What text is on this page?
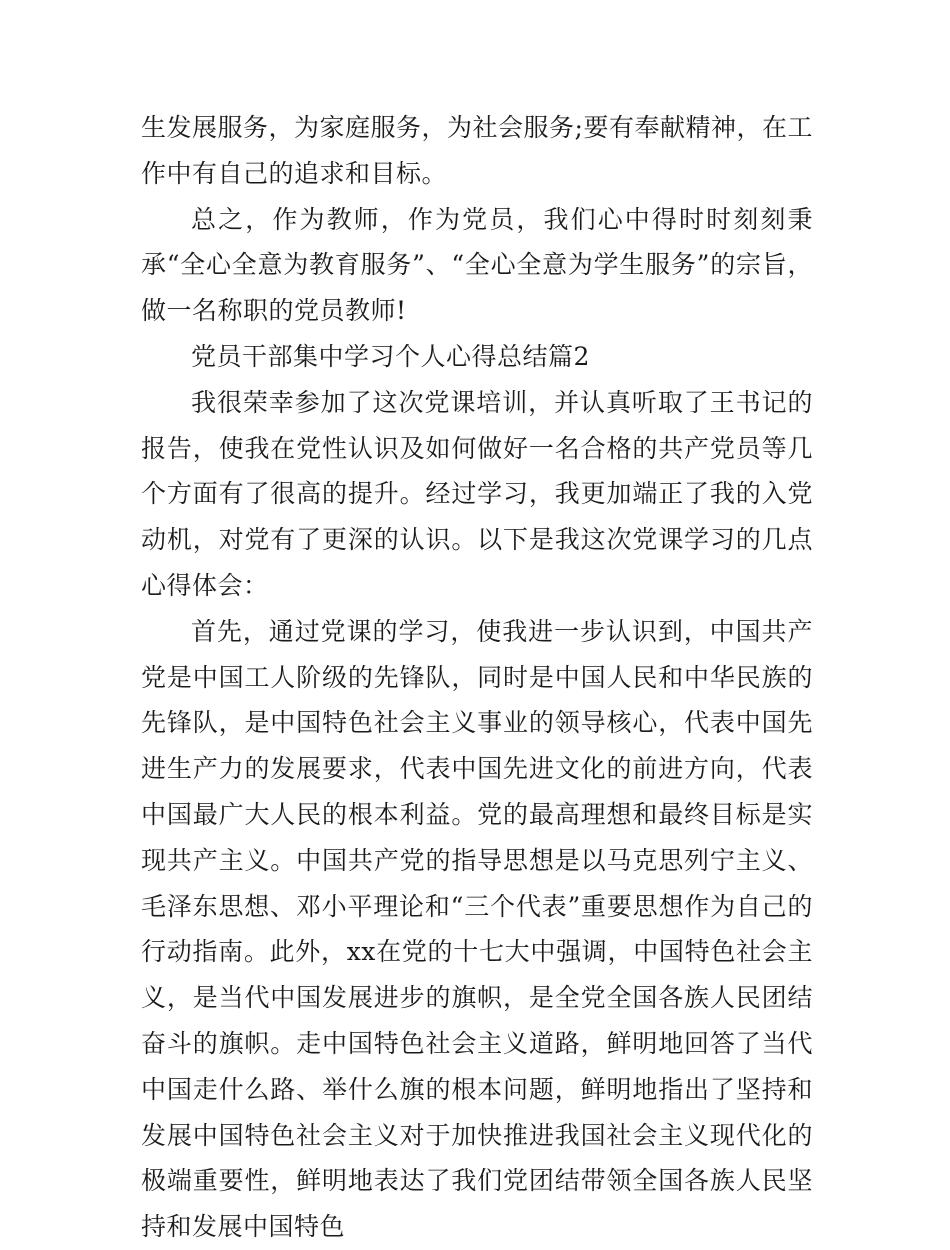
生发展服务，为家庭服务，为社会服务;要有奉献精神，在工作中有自己的追求和目标。

总之，作为教师，作为党员，我们心中得时时刻刻秉承“全心全意为教育服务”、“全心全意为学生服务”的宗旨，做一名称职的党员教师!

党员干部集中学习个人心得总结篇2

我很荣幸参加了这次党课培训，并认真听取了王书记的报告，使我在党性认识及如何做好一名合格的共产党员等几个方面有了很高的提升。经过学习，我更加端正了我的入党动机，对党有了更深的认识。以下是我这次党课学习的几点心得体会：

首先，通过党课的学习，使我进一步认识到，中国共产党是中国工人阶级的先锋队，同时是中国人民和中华民族的先锋队，是中国特色社会主义事业的领导核心，代表中国先进生产力的发展要求，代表中国先进文化的前进方向，代表中国最广大人民的根本利益。党的最高理想和最终目标是实现共产主义。中国共产党的指导思想是以马克思列宁主义、毛泽东思想、邓小平理论和“三个代表”重要思想作为自己的行动指南。此外，xx在党的十七大中强调，中国特色社会主义，是当代中国发展进步的旗帜，是全党全国各族人民团结奋斗的旗帜。走中国特色社会主义道路，鲜明地回答了当代中国走什么路、举什么旗的根本问题，鲜明地指出了坚持和发展中国特色社会主义对于加快推进我国社会主义现代化的极端重要性，鲜明地表达了我们党团结带领全国各族人民坚持和发展中国特色
